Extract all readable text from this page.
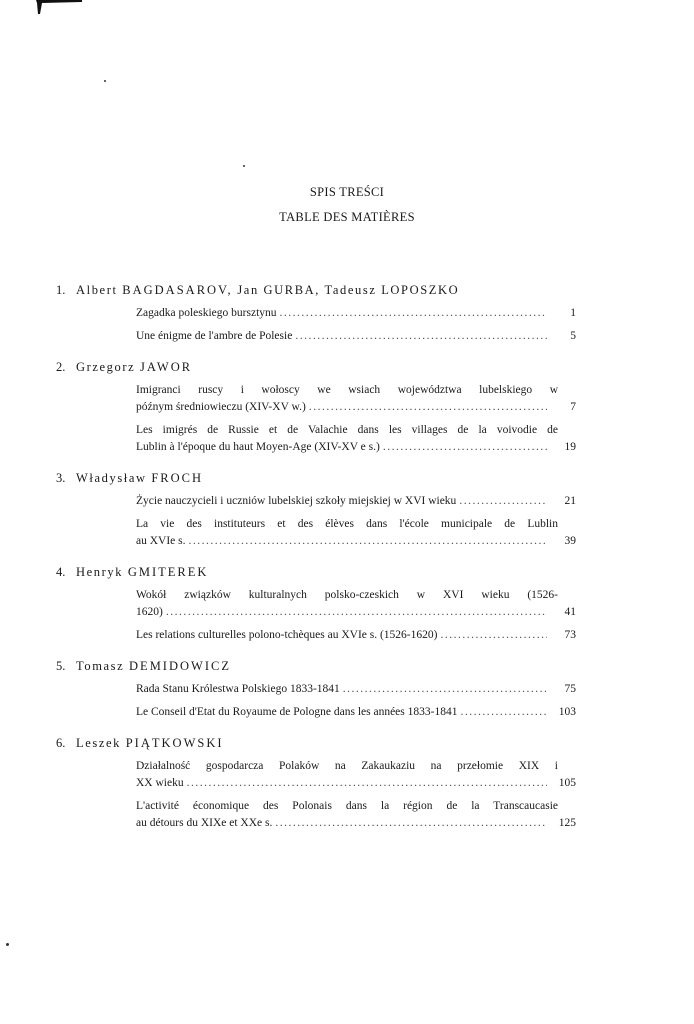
SPIS TREŚCI
TABLE DES MATIÈRES
1. Albert BAGDASAROV, Jan GURBA, Tadeusz LOPOSZKO
Zagadka poleskiego bursztynu .....	1
Une énigme de l'ambre de Polesie .....	5
2. Grzegorz JAWOR
Imigranci ruscy i wołoscy we wsiach województwa lubelskiego w
późnym średniowieczu (XIV-XV w.) .....	7
Les imigrés de Russie et de Valachie dans les villages de la voivodie de
Lublin à l'époque du haut Moyen-Age (XIV-XV e s.) .....	19
3. Władysław FROCH
Życie nauczycieli i uczniów lubelskiej szkoły miejskiej w XVI wieku .....	21
La vie des instituteurs et des élèves dans l'école municipale de Lublin
au XVIe s. .....	39
4. Henryk GMITEREK
Wokół związków kulturalnych polsko-czeskich w XVI wieku (1526-
1620) .....	41
Les relations culturelles polono-tchèques au XVIe s. (1526-1620) .....	73
5. Tomasz DEMIDOWICZ
Rada Stanu Królestwa Polskiego 1833-1841 .....	75
Le Conseil d'Etat du Royaume de Pologne dans les années 1833-1841 .....	103
6. Leszek PIĄTKOWSKI
Działalność gospodarcza Polaków na Zakaukaziu na przełomie XIX i
XX wieku .....	105
L'activité économique des Polonais dans la région de la Transcaucasie
au détours du XIXe et XXe s. .....	125
